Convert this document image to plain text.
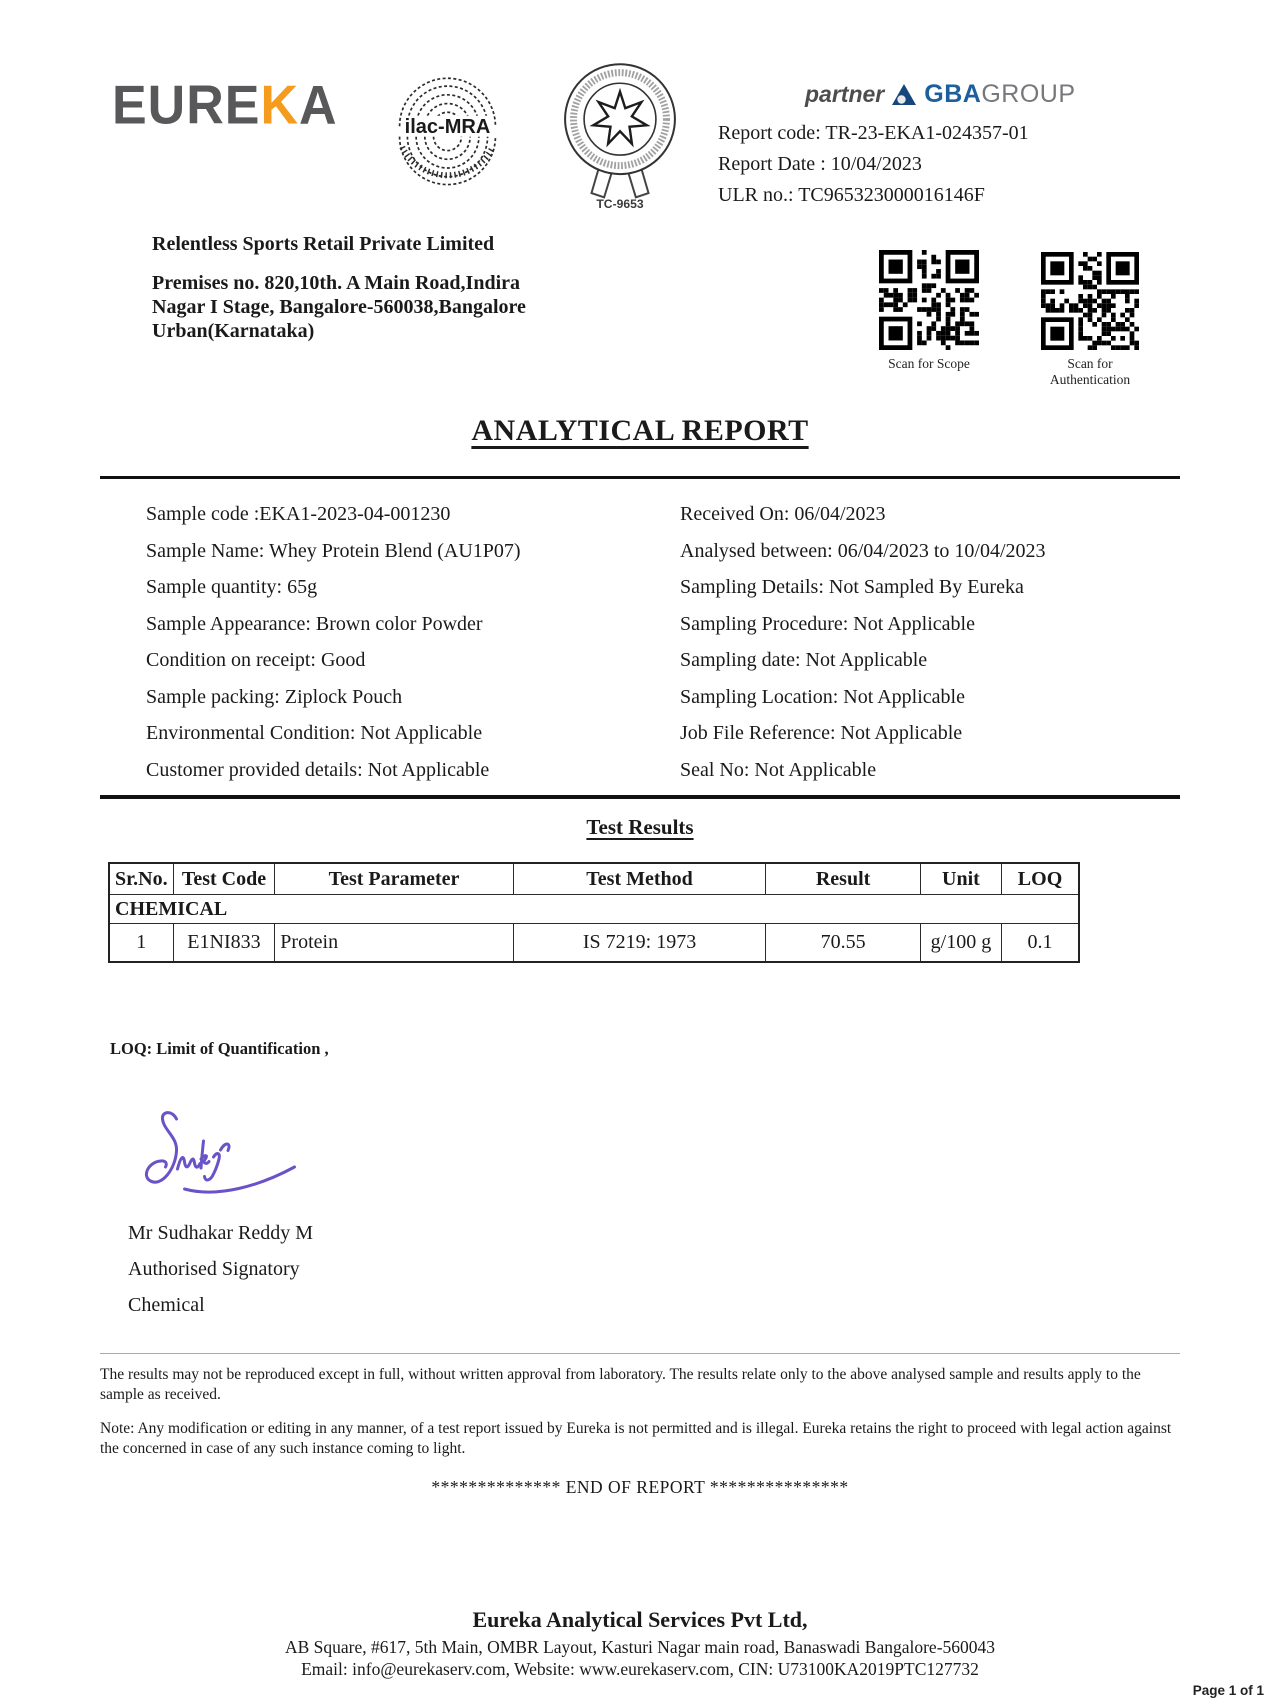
EUREKA	ilac-MRA
TC-9653
partner GBAGROUP
Report code: TR-23-EKA1-024357-01
Report Date : 10/04/2023
ULR no.: TC965323000016146F

Relentless Sports Retail Private Limited

Premises no. 820,10th. A Main Road,Indira Nagar I Stage, Bangalore-560038,Bangalore Urban(Karnataka)

Scan for Scope	Scan for Authentication
ANALYTICAL REPORT
Sample code :EKA1-2023-04-001230
Sample Name: Whey Protein Blend (AU1P07)
Sample quantity: 65g
Sample Appearance: Brown color Powder
Condition on receipt: Good
Sample packing: Ziplock Pouch
Environmental Condition: Not Applicable
Customer provided details: Not Applicable
Received On: 06/04/2023
Analysed between: 06/04/2023 to 10/04/2023
Sampling Details: Not Sampled By Eureka
Sampling Procedure: Not Applicable
Sampling date: Not Applicable
Sampling Location: Not Applicable
Job File Reference: Not Applicable
Seal No: Not Applicable
Test Results
Sr.No.	Test Code	Test Parameter	Test Method	Result	Unit	LOQ
CHEMICAL						
1	E1NI833	Protein	IS 7219: 1973	70.55	g/100 g	0.1

LOQ: Limit of Quantification ,

Mr Sudhakar Reddy M
Authorised Signatory
Chemical

The results may not be reproduced except in full, without written approval from laboratory. The results relate only to the above analysed sample and results apply to the sample as received.

Note: Any modification or editing in any manner, of a test report issued by Eureka is not permitted and is illegal. Eureka retains the right to proceed with legal action against the concerned in case of any such instance coming to light.

************** END OF REPORT ***************

Eureka Analytical Services Pvt Ltd,

AB Square, #617, 5th Main, OMBR Layout, Kasturi Nagar main road, Banaswadi Bangalore-560043

Email: info@eurekaserv.com, Website: www.eurekaserv.com, CIN: U73100KA2019PTC127732

Page 1 of 1
